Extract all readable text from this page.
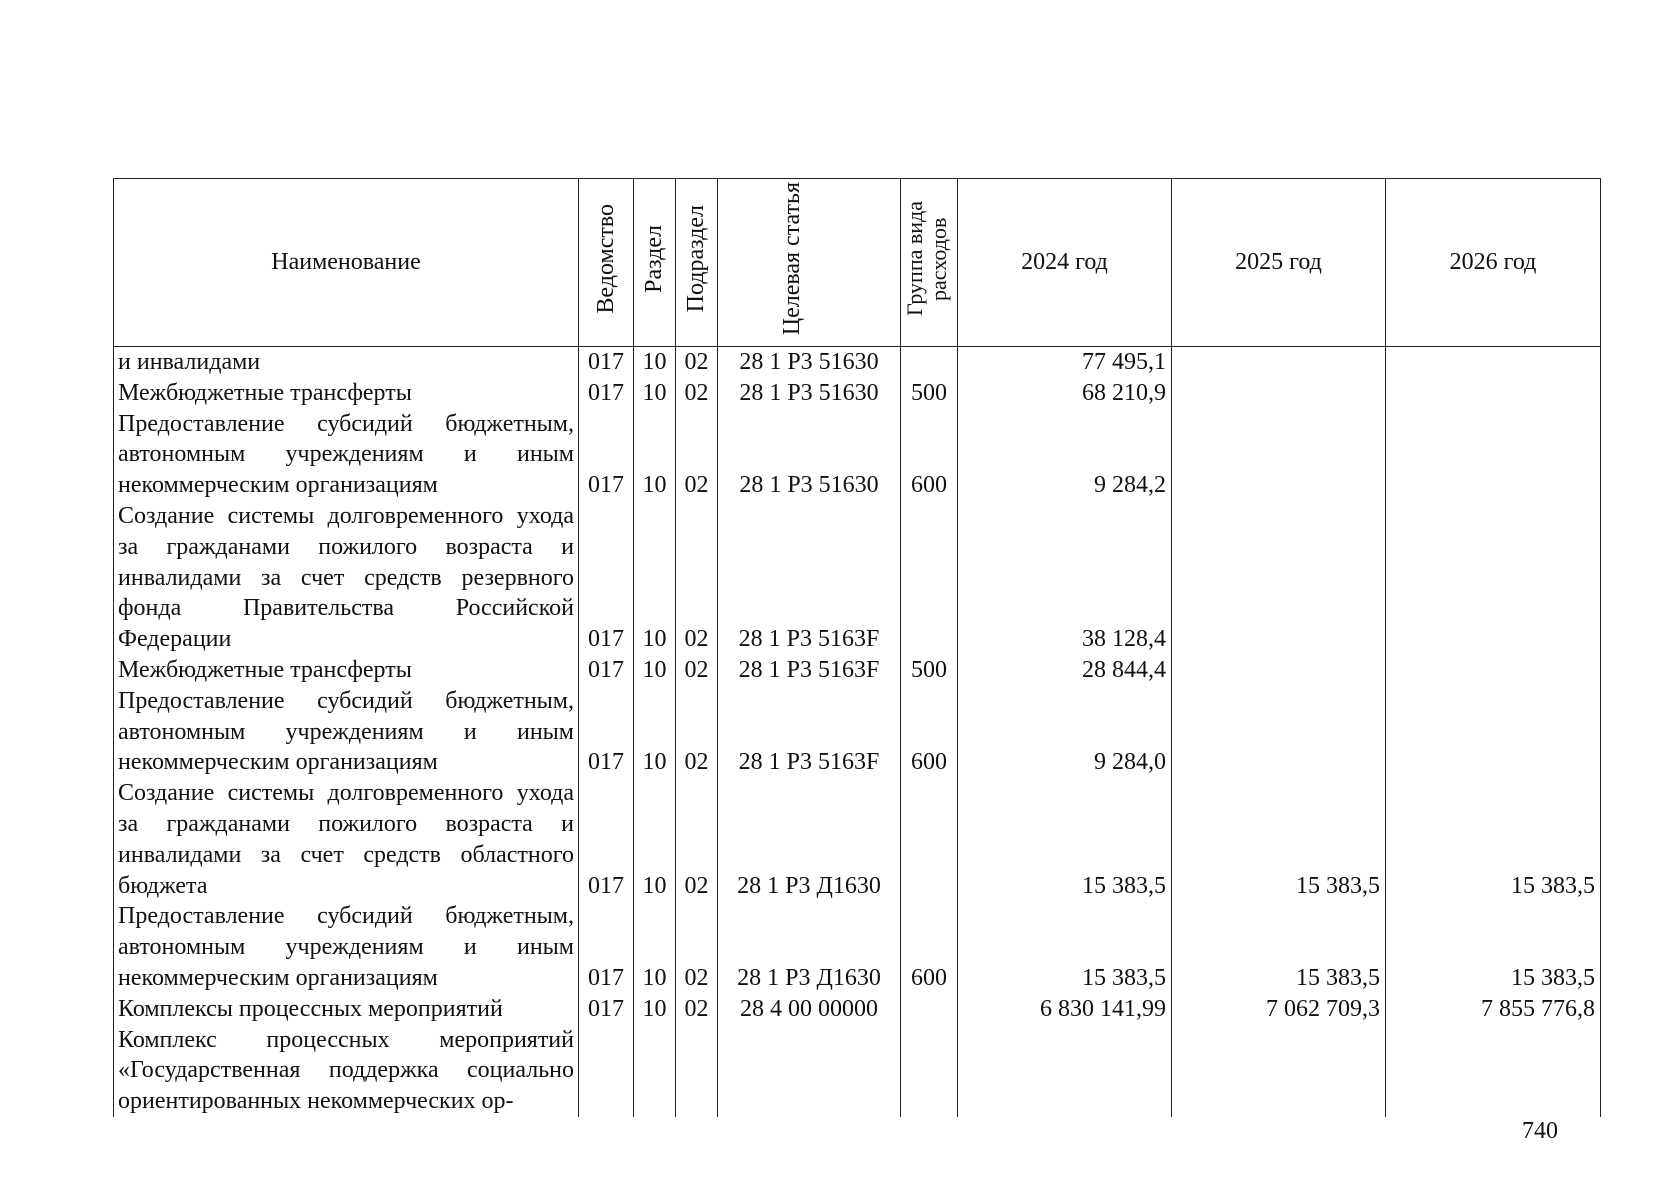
Наименование	Ведомство	Раздел	Подраздел	Целевая статья	Группа вида расходов	2024 год	2025 год	2026 год
и инвалидами	017	10	02	28 1 Р3 51630		77 495,1		
Межбюджетные трансферты	017	10	02	28 1 Р3 51630	500	68 210,9		
Предоставление субсидий бюджетным, автономным учреждениям и иным некоммерческим организациям	017	10	02	28 1 Р3 51630	600	9 284,2		
Создание системы долговременного ухода за гражданами пожилого возраста и инвалидами за счет средств резервного фонда Правительства Российской Федерации	017	10	02	28 1 Р3 5163F		38 128,4		
Межбюджетные трансферты	017	10	02	28 1 Р3 5163F	500	28 844,4		
Предоставление субсидий бюджетным, автономным учреждениям и иным некоммерческим организациям	017	10	02	28 1 Р3 5163F	600	9 284,0		
Создание системы долговременного ухода за гражданами пожилого возраста и инвалидами за счет средств областного бюджета	017	10	02	28 1 Р3 Д1630		15 383,5	15 383,5	15 383,5
Предоставление субсидий бюджетным, автономным учреждениям и иным некоммерческим организациям	017	10	02	28 1 Р3 Д1630	600	15 383,5	15 383,5	15 383,5
Комплексы процессных мероприятий	017	10	02	28 4 00 00000		6 830 141,99	7 062 709,3	7 855 776,8
Комплекс процессных мероприятий «Государственная поддержка социально ориентированных некоммерческих ор-								
740
